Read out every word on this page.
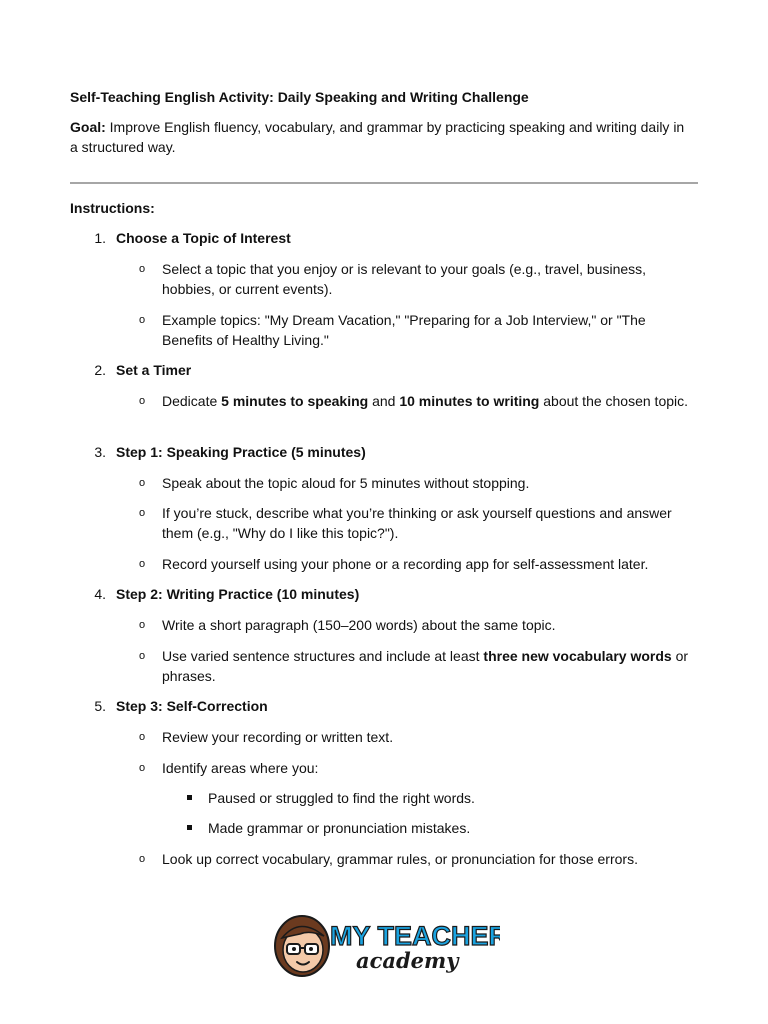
Self-Teaching English Activity: Daily Speaking and Writing Challenge
Goal: Improve English fluency, vocabulary, and grammar by practicing speaking and writing daily in a structured way.
Instructions:
1. Choose a Topic of Interest
o Select a topic that you enjoy or is relevant to your goals (e.g., travel, business, hobbies, or current events).
o Example topics: "My Dream Vacation," "Preparing for a Job Interview," or "The Benefits of Healthy Living."
2. Set a Timer
o Dedicate 5 minutes to speaking and 10 minutes to writing about the chosen topic.
3. Step 1: Speaking Practice (5 minutes)
o Speak about the topic aloud for 5 minutes without stopping.
o If you’re stuck, describe what you’re thinking or ask yourself questions and answer them (e.g., "Why do I like this topic?").
o Record yourself using your phone or a recording app for self-assessment later.
4. Step 2: Writing Practice (10 minutes)
o Write a short paragraph (150–200 words) about the same topic.
o Use varied sentence structures and include at least three new vocabulary words or phrases.
5. Step 3: Self-Correction
o Review your recording or written text.
o Identify areas where you:
Paused or struggled to find the right words.
Made grammar or pronunciation mistakes.
o Look up correct vocabulary, grammar rules, or pronunciation for those errors.
MY TEACHER
academy
